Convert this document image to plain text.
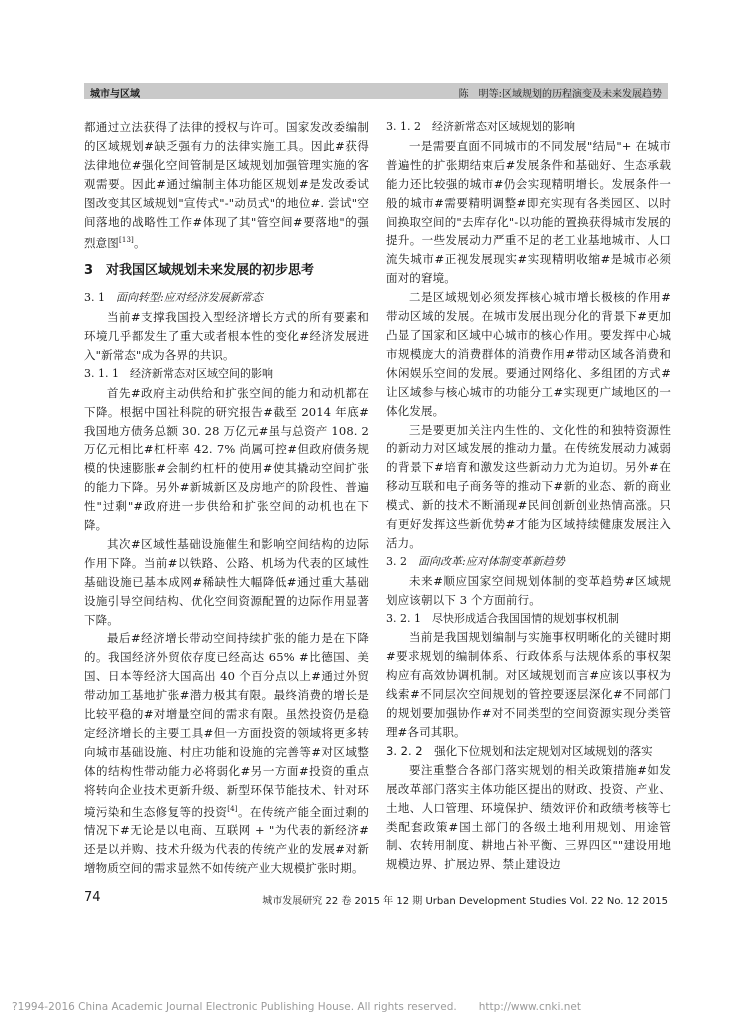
城市与区域	陈　明等:区域规划的历程演变及未来发展趋势

都通过立法获得了法律的授权与许可。国家发改委编制的区域规划#缺乏强有力的法律实施工具。因此#获得法律地位#强化空间管制是区域规划加强管理实施的客观需要。因此#通过编制主体功能区规划#是发改委试图改变其区域规划"宣传式"-"动员式"的地位#. 尝试"空间落地的战略性工作#体现了其"管空间#要落地"的强烈意图[13]。

3　对我国区域规划未来发展的初步思考
3. 1　 面向转型:应对经济发展新常态

当前#支撑我国投入型经济增长方式的所有要素和环境几乎都发生了重大或者根本性的变化#经济发展进入"新常态"成为各界的共识。

3. 1. 1　经济新常态对区域空间的影响

首先#政府主动供给和扩张空间的能力和动机都在下降。根据中国社科院的研究报告#截至 2014 年底#我国地方债务总额 30. 28 万亿元#虽与总资产 108. 2 万亿元相比#杠杆率 42. 7% 尚属可控#但政府债务规模的快速膨胀#会制约杠杆的使用#使其撬动空间扩张的能力下降。另外#新城新区及房地产的阶段性、普遍性"过剩"#政府进一步供给和扩张空间的动机也在下降。

其次#区域性基础设施催生和影响空间结构的边际作用下降。当前#以铁路、公路、机场为代表的区域性基础设施已基本成网#稀缺性大幅降低#通过重大基础设施引导空间结构、优化空间资源配置的边际作用显著下降。

最后#经济增长带动空间持续扩张的能力是在下降的。我国经济外贸依存度已经高达 65% #比德国、美国、日本等经济大国高出 40 个百分点以上#通过外贸带动加工基地扩张#潜力极其有限。最终消费的增长是比较平稳的#对增量空间的需求有限。虽然投资仍是稳定经济增长的主要工具#但一方面投资的领域将更多转向城市基础设施、村庄功能和设施的完善等#对区域整体的结构性带动能力必将弱化#另一方面#投资的重点将转向企业技术更新升级、新型环保节能技术、针对环境污染和生态修复等的投资[4]。在传统产能全面过剩的情况下#无论是以电商、互联网 + "为代表的新经济#还是以并购、技术升级为代表的传统产业的发展#对新增物质空间的需求显然不如传统产业大规模扩张时期。

3. 1. 2　经济新常态对区域规划的影响

一是需要直面不同城市的不同发展"结局"+ 在城市普遍性的扩张期结束后#发展条件和基础好、生态承载能力还比较强的城市#仍会实现精明增长。发展条件一般的城市#需要精明调整#即充实现有各类园区、以时间换取空间的"去库存化"-以功能的置换获得城市发展的提升。一些发展动力严重不足的老工业基地城市、人口流失城市#正视发展现实#实现精明收缩#是城市必须面对的窘境。

二是区域规划必须发挥核心城市增长极核的作用#带动区域的发展。在城市发展出现分化的背景下#更加凸显了国家和区域中心城市的核心作用。要发挥中心城市规模庞大的消费群体的消费作用#带动区域各消费和休闲娱乐空间的发展。要通过网络化、多组团的方式#让区域参与核心城市的功能分工#实现更广域地区的一体化发展。

三是要更加关注内生性的、文化性的和独特资源性的新动力对区域发展的推动力量。在传统发展动力减弱的背景下#培育和激发这些新动力尤为迫切。另外#在移动互联和电子商务等的推动下#新的业态、新的商业模式、新的技术不断涌现#民间创新创业热情高涨。只有更好发挥这些新优势#才能为区域持续健康发展注入活力。

3. 2　 面向改革:应对体制变革新趋势

未来#顺应国家空间规划体制的变革趋势#区域规划应该朝以下 3 个方面前行。

3. 2. 1　尽快形成适合我国国情的规划事权机制

当前是我国规划编制与实施事权明晰化的关键时期#要求规划的编制体系、行政体系与法规体系的事权架构应有高效协调机制。对区域规划而言#应该以事权为线索#不同层次空间规划的管控要逐层深化#不同部门的规划要加强协作#对不同类型的空间资源实现分类管理#各司其职。

3. 2. 2　强化下位规划和法定规划对区域规划的落实

要注重整合各部门落实规划的相关政策措施#如发展改革部门落实主体功能区提出的财政、投资、产业、土地、人口管理、环境保护、绩效评价和政绩考核等七类配套政策#国土部门的各级土地利用规划、用途管制、农转用制度、耕地占补平衡、三界四区""建设用地规模边界、扩展边界、禁止建设边

74	城市发展研究 22 卷 2015 年 12 期 Urban Development Studies Vol. 22 No. 12 2015
?1994-2016 China Academic Journal Electronic Publishing House. All rights reserved. http://www.cnki.net
